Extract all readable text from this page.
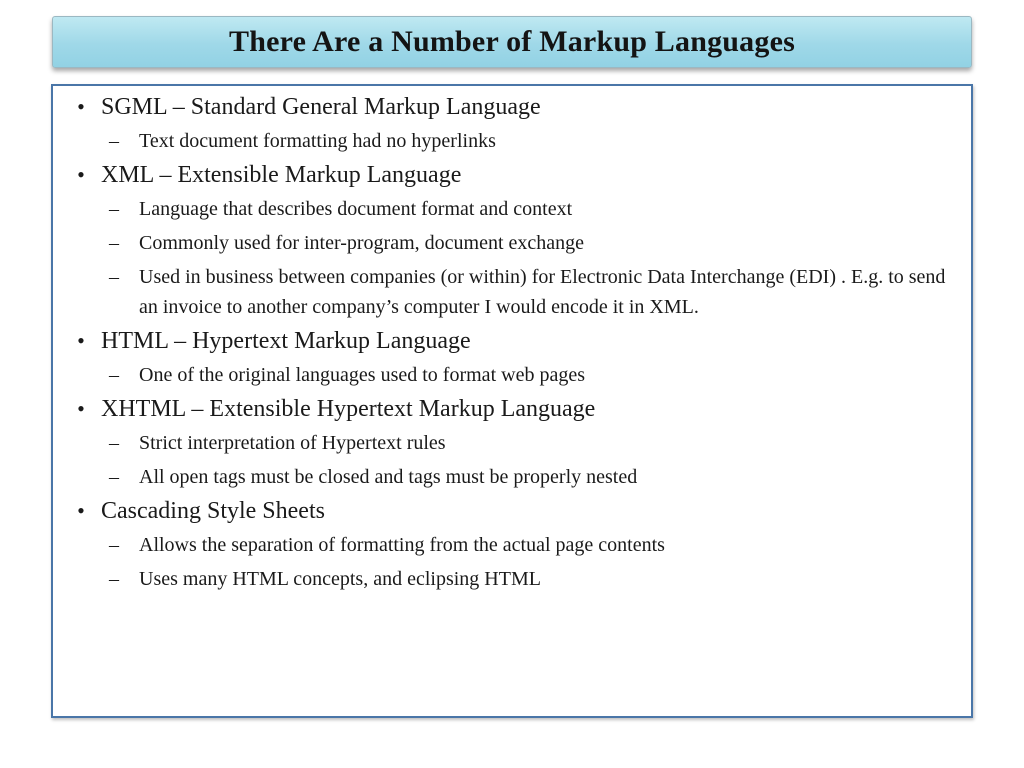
There Are a Number of Markup Languages
• SGML – Standard General Markup Language
–	Text document formatting had no hyperlinks
• XML – Extensible Markup Language
–	Language that describes document format and context
–	Commonly used for inter-program, document exchange
–	Used in business between companies (or within) for Electronic Data Interchange (EDI) . E.g. to send an invoice to another company’s computer I would encode it in XML.
• HTML – Hypertext Markup Language
–	One of the original languages used to format web pages
• XHTML – Extensible Hypertext Markup Language
–	Strict interpretation of Hypertext rules
–	All open tags must be closed and tags must be properly nested
• Cascading Style Sheets
–	Allows the separation of formatting from the actual page contents
–	Uses many HTML concepts, and eclipsing HTML
